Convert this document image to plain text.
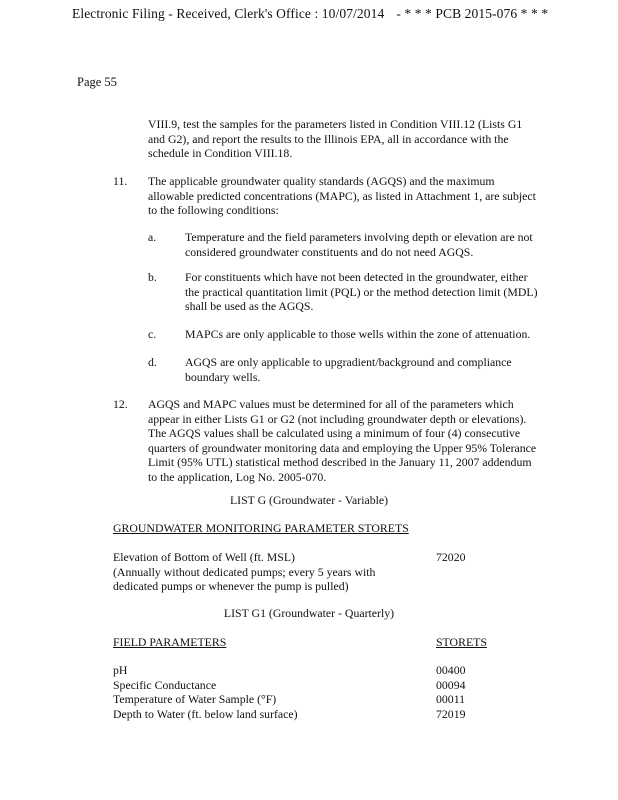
Electronic Filing - Received, Clerk's Office : 10/07/2014 - * * * PCB 2015-076 * * *
Page 55
VIII.9, test the samples for the parameters listed in Condition VIII.12 (Lists G1
and G2), and report the results to the Illinois EPA, all in accordance with the
schedule in Condition VIII.18.
11. The applicable groundwater quality standards (AGQS) and the maximum
allowable predicted concentrations (MAPC), as listed in Attachment 1, are subject
to the following conditions:
a. Temperature and the field parameters involving depth or elevation are not
considered groundwater constituents and do not need AGQS.
b. For constituents which have not been detected in the groundwater, either
the practical quantitation limit (PQL) or the method detection limit (MDL)
shall be used as the AGQS.
c. MAPCs are only applicable to those wells within the zone of attenuation.
d. AGQS are only applicable to upgradient/background and compliance
boundary wells.
12. AGQS and MAPC values must be determined for all of the parameters which
appear in either Lists G1 or G2 (not including groundwater depth or elevations).
The AGQS values shall be calculated using a minimum of four (4) consecutive
quarters of groundwater monitoring data and employing the Upper 95% Tolerance
Limit (95% UTL) statistical method described in the January 11, 2007 addendum
to the application, Log No. 2005-070.
LIST G (Groundwater - Variable)
GROUNDWATER MONITORING PARAMETER STORETS
Elevation of Bottom of Well (ft. MSL)
(Annually without dedicated pumps; every 5 years with
dedicated pumps or whenever the pump is pulled)
72020
LIST G1 (Groundwater - Quarterly)
FIELD PARAMETERS	STORETS
pH
Specific Conductance
Temperature of Water Sample (°F)
Depth to Water (ft. below land surface)
00400
00094
00011
72019
